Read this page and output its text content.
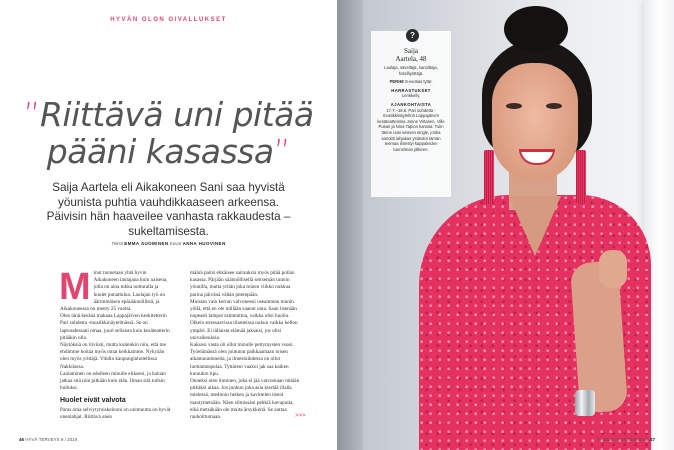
HYVÄN OLON OIVALLUKSET
”Riittävä uni pitää
pääni kasassa”
Saija Aartela eli Aikakoneen Sani saa hyvistä yöunista puhtia vauhdikkaaseen arkeensa. Päivisin hän haaveilee vanhasta rakkaudesta – sukeltamisesta.
Teksti EMMA SUOMINEN Kuvat ANNA HUOVINEN
M inut tunnetaan yhtä hyvin Aikakoneen laulajana kuin naisena, jolla on aina tukka nutturalla ja huulet punattuina. Laulajan työ on äärimmäisen epäsäännöllistä, ja Aikakoneessa on menty 25 vuotta.

Olen tänä kesänä makaaa Lappajärven keskitetterin Pari suhdetta -musiikkinäytelmässä. Se on lapsuudessani omaa, juuri sellaista kuin kesäteatterin pitääkin olla.

Näytöksiä on tiiviisti, mutta kuitenkin niin, että me ehdimme hoitaa myös omat keikkamme. Nykyään olen myös yrittäjä. Vihdin kaupunginhotellissa Nakkilassa.

Laulaminen on edelleen minulle elikseni, ja haluan jatkaa sitä niin pitkään kuin elän. Ilman sitä tulisin hulluksi.

Huolet eivät valvota

Paras oma selviytymiskeinoni on unimuutta on hyvät unenlahjat. Riittävä unen

määrä paitsi ehkäisee sairauksia myös pitää pollan kasassa. Pärjään säännöllisellä seitsemän tunnin yöunilla, mutta yritän joka toinen viikko nukkua parina päivänä vähän pitempään.

Muistan vain kerran valvoneeni useamman tunnin yöllä, että en ole millään saanut unta. Saan lisenään nopeasti lamput sammuttua, vaikka olisi huolia. Olkein stressaavissa tilanteissa nukun vaikka kellon ympäri. Ei tällaista elämää jaksaisi, jos olisi univaikeuksia.

Kaksosi vasta oli ollut minulle pettymysten vuosi. Työelämässä olen joutunut paikkaamaan toisen aikamuuntuneita, ja ilmestuihdessa on ollut luottamuspulaa. Tyttäreni vaakoi jak saa kaiken kuraukin tipu.

Onneksi olen ihminen, joka ei jää vatvomaan mitään pitkäksi aikaa. Jos jonkun joka asia kiertää illalla mielessä, meditoin hetken ja kavittelen itseni mantymetsään. Näen silmissäni pehkiä havupuita, eikä metsäkään ole muita ärsykkeitä. Se auttaa rauhoittumaan.	>>>
46 HYVÄ TERVEYS 9 / 2019
Saija
Aartela, 48
Laulaja, säveltäjä, sanoittaja, hotelliyrittäjä.
PERHE 8-vuotias tytär.
HARRASTUKSET
Lenkkeily.
AJANKOHTAISTA
17.7.–18.8. Pari suhdetta -musiikkinäytelmä Lappajärven kesäteatterissa Jonne Virtasen, Ville Pusan ja Nina Tapion kanssa. Tulin tänne uusi veteren single, jonka sanoitti lahjakas ystäväni tämän teemaa ilmestyi kappaleiden tunnelman jälkeen.
?
9 / 2019 HYVÄ TERVEYS 47
